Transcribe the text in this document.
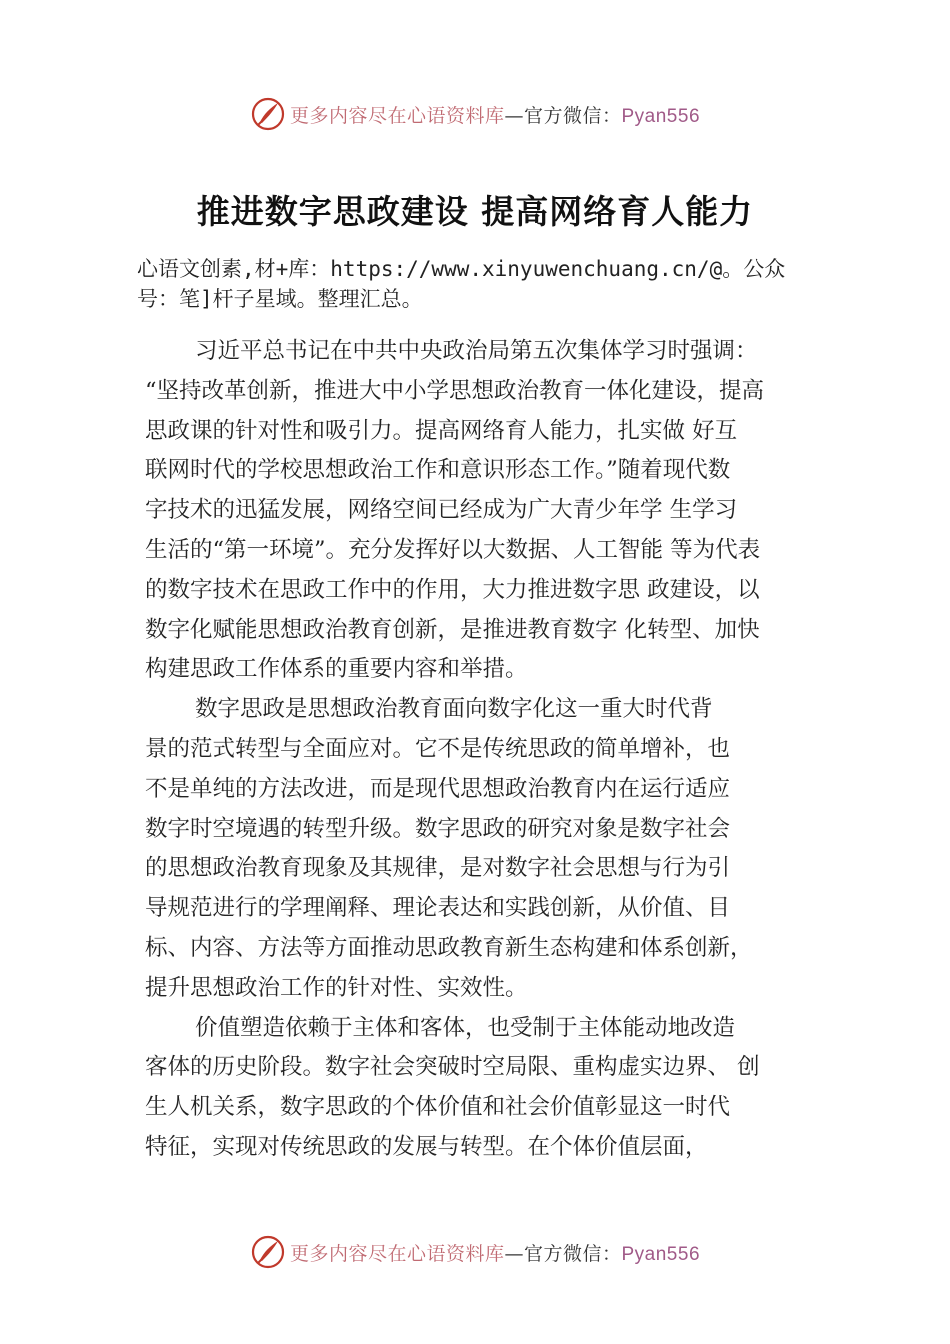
更多内容尽在心语资料库—官方微信：Pyan556
推进数字思政建设 提高网络育人能力
心语文创素,材+库：https://www.xinyuwenchuang.cn/@。公众
号：笔]杆子星域。整理汇总。
习近平总书记在中共中央政治局第五次集体学习时强调：
“坚持改革创新，推进大中小学思想政治教育一体化建设，提高
思政课的针对性和吸引力。提高网络育人能力，扎实做 好互
联网时代的学校思想政治工作和意识形态工作。”随着现代数
字技术的迅猛发展，网络空间已经成为广大青少年学 生学习
生活的“第一环境”。充分发挥好以大数据、人工智能 等为代表
的数字技术在思政工作中的作用，大力推进数字思 政建设，以
数字化赋能思想政治教育创新，是推进教育数字 化转型、加快
构建思政工作体系的重要内容和举措。
数字思政是思想政治教育面向数字化这一重大时代背
景的范式转型与全面应对。它不是传统思政的简单增补，也
不是单纯的方法改进，而是现代思想政治教育内在运行适应
数字时空境遇的转型升级。数字思政的研究对象是数字社会
的思想政治教育现象及其规律，是对数字社会思想与行为引
导规范进行的学理阐释、理论表达和实践创新，从价值、目
标、内容、方法等方面推动思政教育新生态构建和体系创新，
提升思想政治工作的针对性、实效性。
价值塑造依赖于主体和客体，也受制于主体能动地改造
客体的历史阶段。数字社会突破时空局限、重构虚实边界、 创
生人机关系，数字思政的个体价值和社会价值彰显这一时代
特征，实现对传统思政的发展与转型。在个体价值层面，
更多内容尽在心语资料库—官方微信：Pyan556
